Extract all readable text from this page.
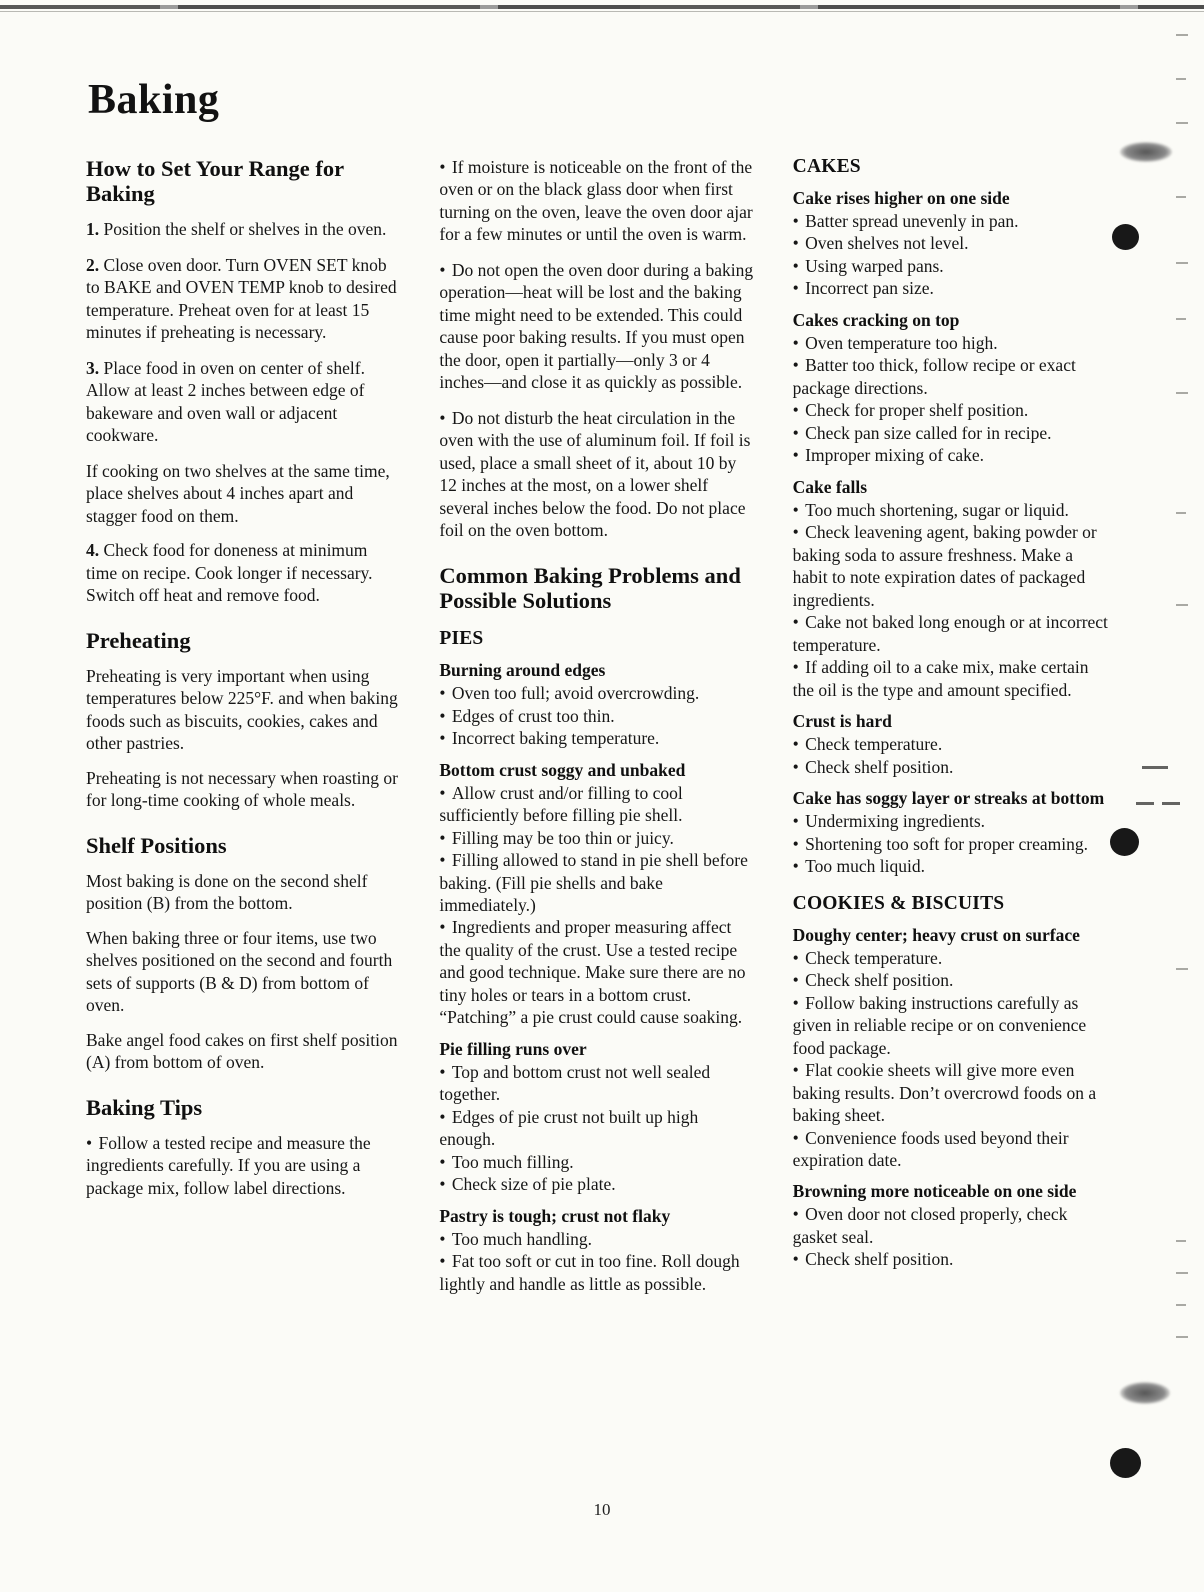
Baking
How to Set Your Range for Baking

1. Position the shelf or shelves in the oven.

2. Close oven door. Turn OVEN SET knob to BAKE and OVEN TEMP knob to desired temperature. Preheat oven for at least 15 minutes if preheating is necessary.

3. Place food in oven on center of shelf. Allow at least 2 inches between edge of bakeware and oven wall or adjacent cookware.

If cooking on two shelves at the same time, place shelves about 4 inches apart and stagger food on them.

4. Check food for doneness at minimum time on recipe. Cook longer if necessary. Switch off heat and remove food.

Preheating

Preheating is very important when using temperatures below 225°F. and when baking foods such as biscuits, cookies, cakes and other pastries.

Preheating is not necessary when roasting or for long-time cooking of whole meals.

Shelf Positions

Most baking is done on the second shelf position (B) from the bottom.

When baking three or four items, use two shelves positioned on the second and fourth sets of supports (B & D) from bottom of oven.

Bake angel food cakes on first shelf position (A) from bottom of oven.

Baking Tips

• Follow a tested recipe and measure the ingredients carefully. If you are using a package mix, follow label directions.

• If moisture is noticeable on the front of the oven or on the black glass door when first turning on the oven, leave the oven door ajar for a few minutes or until the oven is warm.

• Do not open the oven door during a baking operation—heat will be lost and the baking time might need to be extended. This could cause poor baking results. If you must open the door, open it partially—only 3 or 4 inches—and close it as quickly as possible.

• Do not disturb the heat circulation in the oven with the use of aluminum foil. If foil is used, place a small sheet of it, about 10 by 12 inches at the most, on a lower shelf several inches below the food. Do not place foil on the oven bottom.

Common Baking Problems and Possible Solutions
PIES
Burning around edges

• Oven too full; avoid overcrowding.

• Edges of crust too thin.

• Incorrect baking temperature.

Bottom crust soggy and unbaked

• Allow crust and/or filling to cool sufficiently before filling pie shell.

• Filling may be too thin or juicy.

• Filling allowed to stand in pie shell before baking. (Fill pie shells and bake immediately.)

• Ingredients and proper measuring affect the quality of the crust. Use a tested recipe and good technique. Make sure there are no tiny holes or tears in a bottom crust. “Patching” a pie crust could cause soaking.

Pie filling runs over

• Top and bottom crust not well sealed together.

• Edges of pie crust not built up high enough.

• Too much filling.

• Check size of pie plate.

Pastry is tough; crust not flaky

• Too much handling.

• Fat too soft or cut in too fine. Roll dough lightly and handle as little as possible.

CAKES
Cake rises higher on one side

• Batter spread unevenly in pan.

• Oven shelves not level.

• Using warped pans.

• Incorrect pan size.

Cakes cracking on top

• Oven temperature too high.

• Batter too thick, follow recipe or exact package directions.

• Check for proper shelf position.

• Check pan size called for in recipe.

• Improper mixing of cake.

Cake falls

• Too much shortening, sugar or liquid.

• Check leavening agent, baking powder or baking soda to assure freshness. Make a habit to note expiration dates of packaged ingredients.

• Cake not baked long enough or at incorrect temperature.

• If adding oil to a cake mix, make certain the oil is the type and amount specified.

Crust is hard

• Check temperature.

• Check shelf position.

Cake has soggy layer or streaks at bottom

• Undermixing ingredients.

• Shortening too soft for proper creaming.

• Too much liquid.

COOKIES & BISCUITS
Doughy center; heavy crust on surface

• Check temperature.

• Check shelf position.

• Follow baking instructions carefully as given in reliable recipe or on convenience food package.

• Flat cookie sheets will give more even baking results. Don’t overcrowd foods on a baking sheet.

• Convenience foods used beyond their expiration date.

Browning more noticeable on one side

• Oven door not closed properly, check gasket seal.

• Check shelf position.

10
